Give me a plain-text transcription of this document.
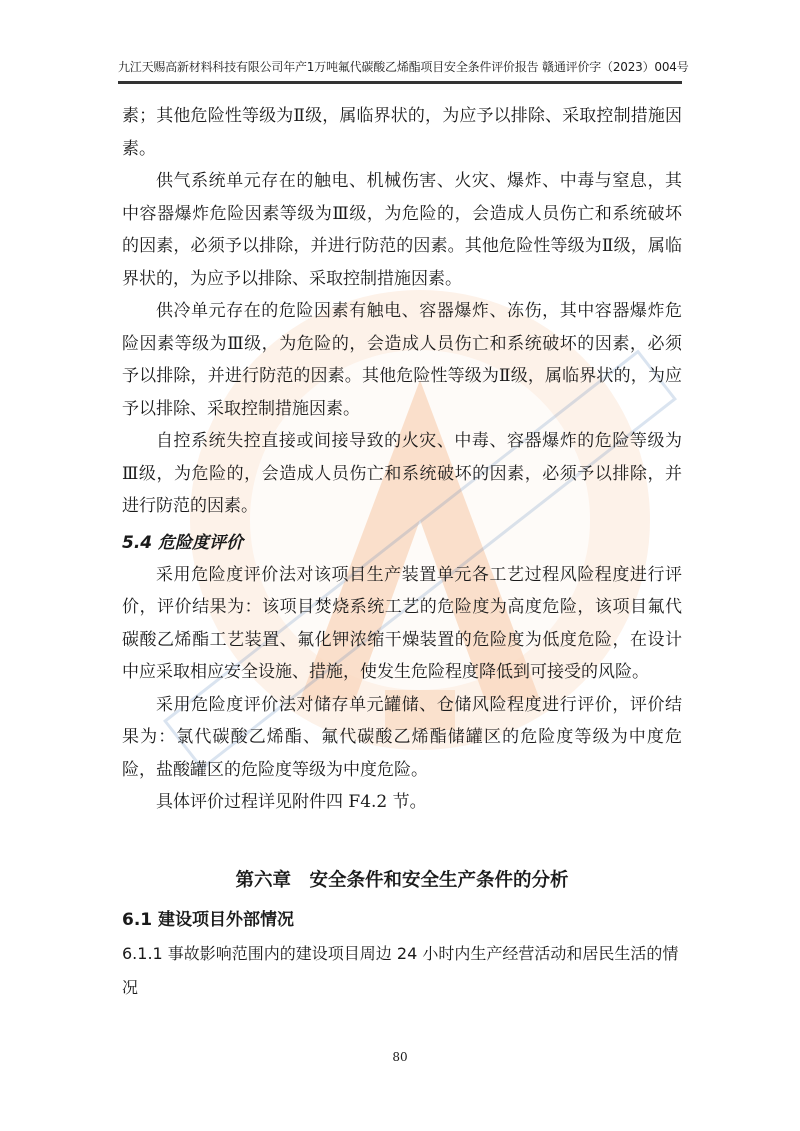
九江天赐高新材料科技有限公司年产1万吨氟代碳酸乙烯酯项目安全条件评价报告 赣通评价字（2023）004号

素；其他危险性等级为Ⅱ级，属临界状的，为应予以排除、采取控制措施因素。

供气系统单元存在的触电、机械伤害、火灾、爆炸、中毒与窒息，其中容器爆炸危险因素等级为Ⅲ级，为危险的，会造成人员伤亡和系统破坏的因素，必须予以排除，并进行防范的因素。其他危险性等级为Ⅱ级，属临界状的，为应予以排除、采取控制措施因素。

供冷单元存在的危险因素有触电、容器爆炸、冻伤，其中容器爆炸危险因素等级为Ⅲ级，为危险的，会造成人员伤亡和系统破坏的因素，必须予以排除，并进行防范的因素。其他危险性等级为Ⅱ级，属临界状的，为应予以排除、采取控制措施因素。

自控系统失控直接或间接导致的火灾、中毒、容器爆炸的危险等级为Ⅲ级，为危险的，会造成人员伤亡和系统破坏的因素，必须予以排除，并进行防范的因素。

5.4 危险度评价

采用危险度评价法对该项目生产装置单元各工艺过程风险程度进行评价，评价结果为：该项目焚烧系统工艺的危险度为高度危险，该项目氟代碳酸乙烯酯工艺装置、氟化钾浓缩干燥装置的危险度为低度危险，在设计中应采取相应安全设施、措施，使发生危险程度降低到可接受的风险。

采用危险度评价法对储存单元罐储、仓储风险程度进行评价，评价结果为：氯代碳酸乙烯酯、氟代碳酸乙烯酯储罐区的危险度等级为中度危险，盐酸罐区的危险度等级为中度危险。

具体评价过程详见附件四 F4.2 节。

第六章　安全条件和安全生产条件的分析
6.1 建设项目外部情况
6.1.1 事故影响范围内的建设项目周边 24 小时内生产经营活动和居民生活的情况
80
